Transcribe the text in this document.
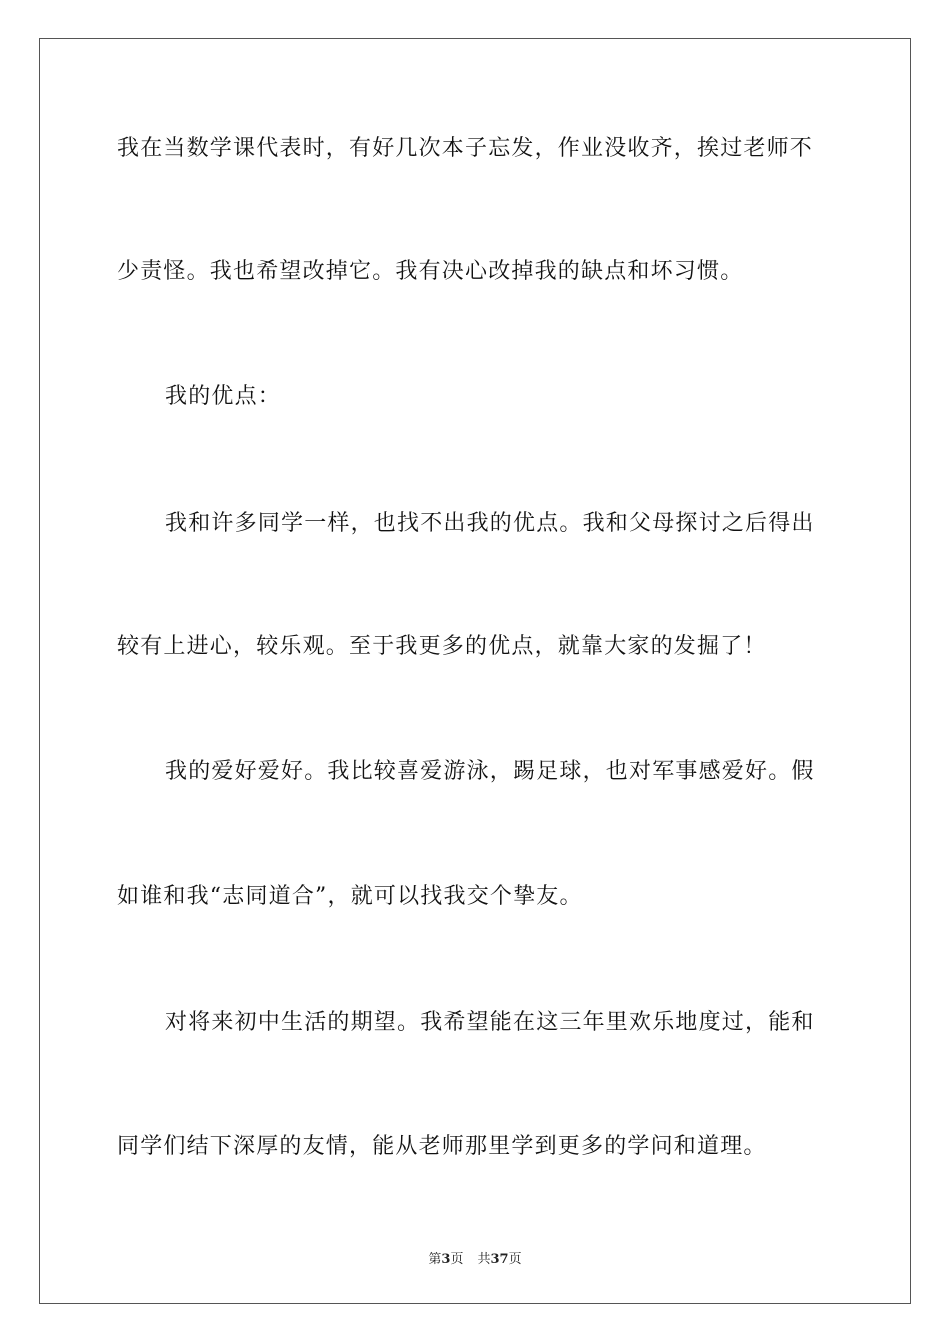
我在当数学课代表时，有好几次本子忘发，作业没收齐，挨过老师不
少责怪。我也希望改掉它。我有决心改掉我的缺点和坏习惯。
我的优点：
我和许多同学一样，也找不出我的优点。我和父母探讨之后得出
较有上进心，较乐观。至于我更多的优点，就靠大家的发掘了！
我的爱好爱好。我比较喜爱游泳，踢足球，也对军事感爱好。假
如谁和我“志同道合”，就可以找我交个挚友。
对将来初中生活的期望。我希望能在这三年里欢乐地度过，能和
同学们结下深厚的友情，能从老师那里学到更多的学问和道理。
第3页 共37页
